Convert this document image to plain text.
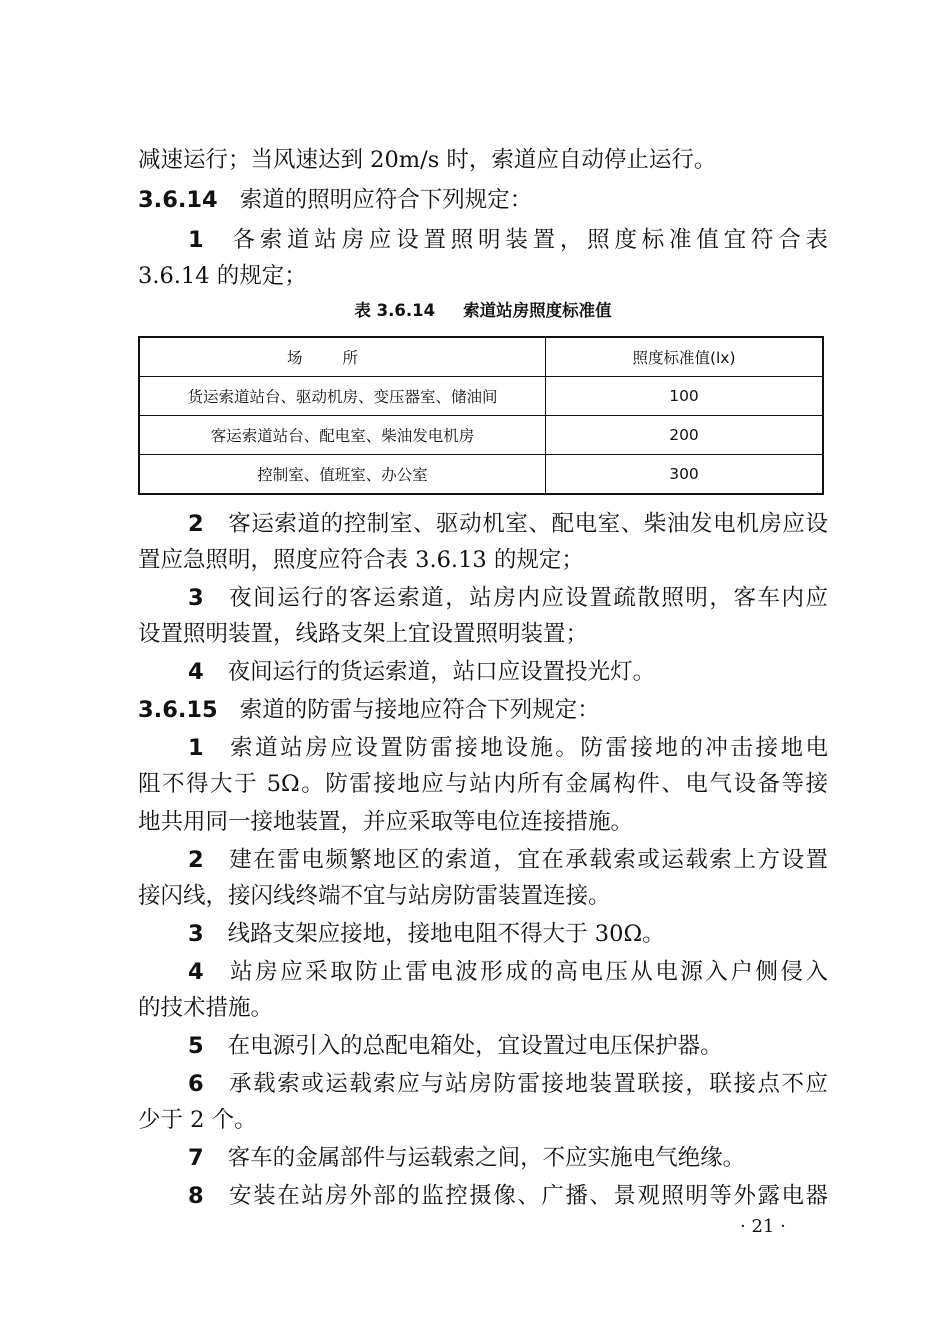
减速运行；当风速达到 20m/s 时，索道应自动停止运行。
3.6.14 索道的照明应符合下列规定：
1 各索道站房应设置照明装置，照度标准值宜符合表
3.6.14 的规定；
表 3.6.14 索道站房照度标准值
场所	照度标准值(lx)
货运索道站台、驱动机房、变压器室、储油间	100
客运索道站台、配电室、柴油发电机房	200
控制室、值班室、办公室	300
2 客运索道的控制室、驱动机室、配电室、柴油发电机房应设
置应急照明，照度应符合表 3.6.13 的规定；
3 夜间运行的客运索道，站房内应设置疏散照明，客车内应
设置照明装置，线路支架上宜设置照明装置；
4 夜间运行的货运索道，站口应设置投光灯。
3.6.15 索道的防雷与接地应符合下列规定：
1 索道站房应设置防雷接地设施。防雷接地的冲击接地电
阻不得大于 5Ω。防雷接地应与站内所有金属构件、电气设备等接
地共用同一接地装置，并应采取等电位连接措施。
2 建在雷电频繁地区的索道，宜在承载索或运载索上方设置
接闪线，接闪线终端不宜与站房防雷装置连接。
3 线路支架应接地，接地电阻不得大于 30Ω。
4 站房应采取防止雷电波形成的高电压从电源入户侧侵入
的技术措施。
5 在电源引入的总配电箱处，宜设置过电压保护器。
6 承载索或运载索应与站房防雷接地装置联接，联接点不应
少于 2 个。
7 客车的金属部件与运载索之间，不应实施电气绝缘。
8 安装在站房外部的监控摄像、广播、景观照明等外露电器
· 21 ·
